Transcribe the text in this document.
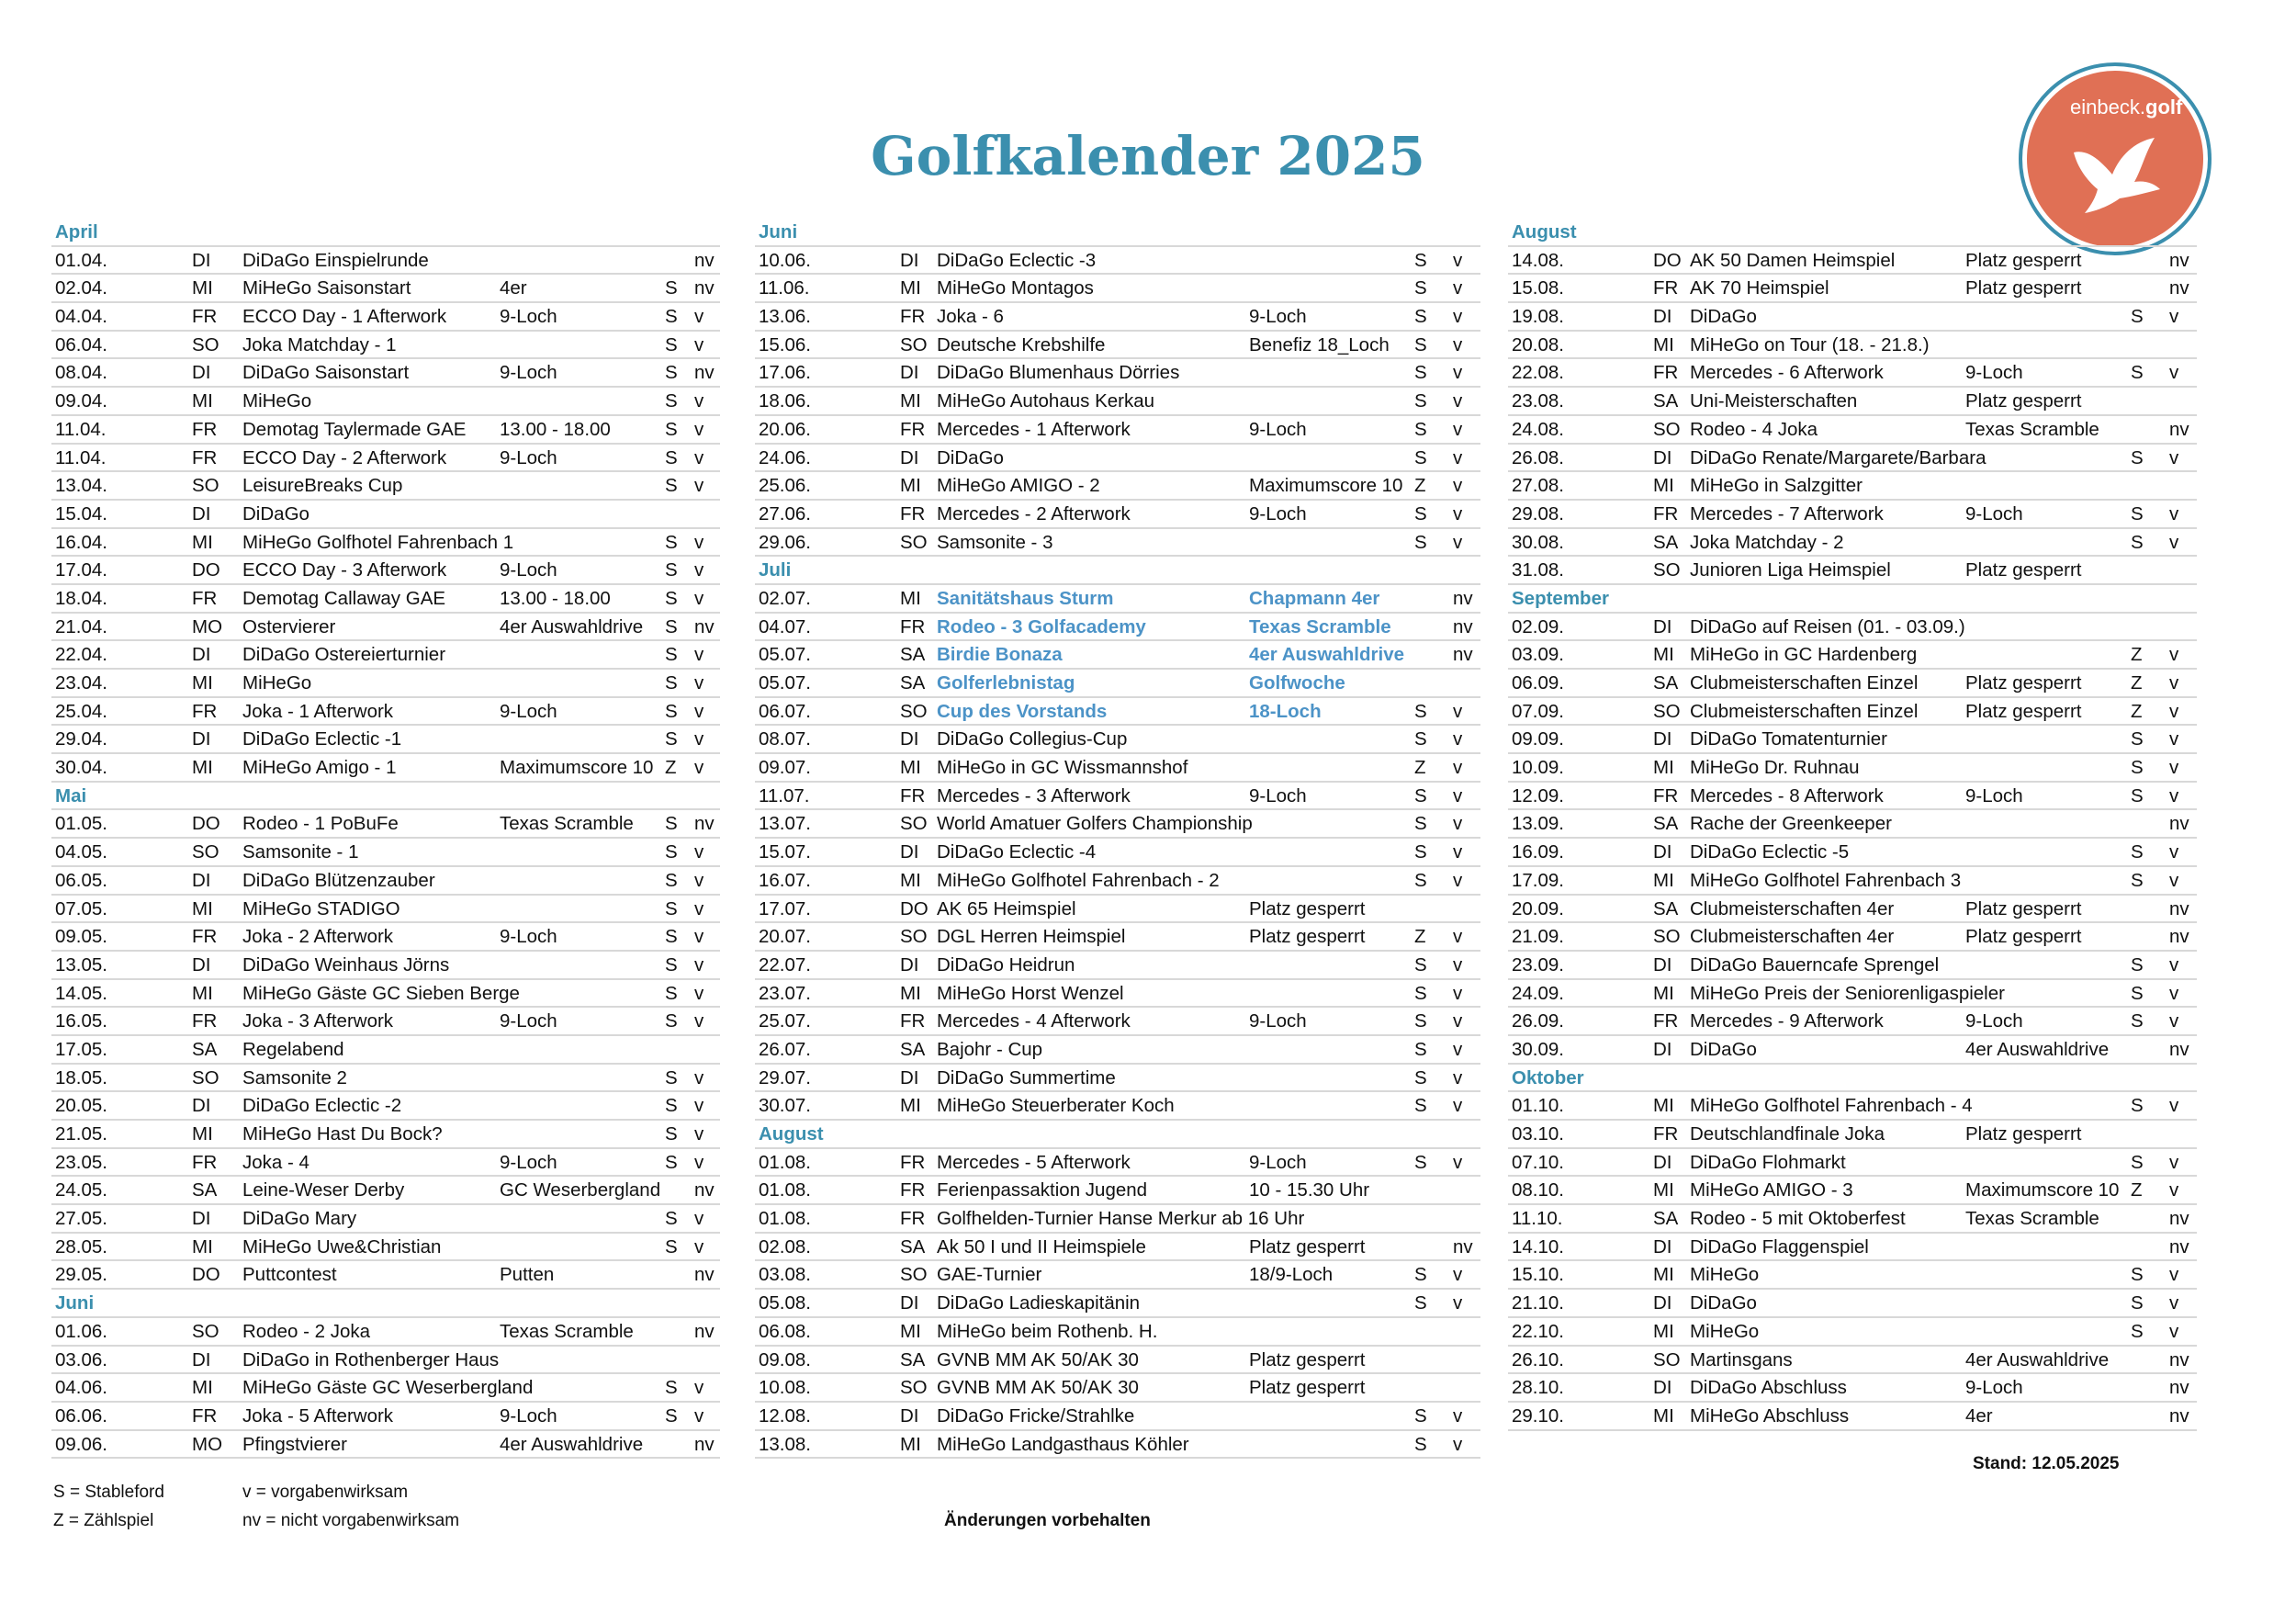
Golfkalender 2025
einbeck. golf
April
01.04.	DI DiDaGo Einspielrunde	nv
02.04.	MI MiHeGo Saisonstart	4er	S nv
04.04.	FR ECCO Day - 1 Afterwork	9-Loch	S v
06.04.	SO Joka Matchday - 1	S v
08.04.	DI DiDaGo Saisonstart	9-Loch	S nv
09.04.	MI MiHeGo	S v
11.04.	FR Demotag Taylermade GAE 13.00 - 18.00	S v
11.04.	FR ECCO Day - 2 Afterwork	9-Loch	S v
13.04.	SO LeisureBreaks Cup	S v
15.04.	DI DiDaGo
16.04.	MI MiHeGo Golfhotel Fahrenbach 1	S v
17.04.	DO ECCO Day - 3 Afterwork	9-Loch	S v
18.04.	FR Demotag Callaway GAE	13.00 - 18.00	S v
21.04.	MO Ostervierer	4er Auswahldrive S nv
22.04.	DI DiDaGo Ostereierturnier	S v
23.04.	MI MiHeGo	S v
25.04.	FR Joka - 1 Afterwork	9-Loch	S v
29.04.	DI DiDaGo Eclectic -1	S v
30.04.	MI MiHeGo Amigo - 1	Maximumscore 10 Z v
Mai
01.05.	DO Rodeo - 1 PoBuFe	Texas Scramble S nv
04.05.	SO Samsonite - 1	S v
06.05.	DI DiDaGo Blützenzauber	S v
07.05.	MI MiHeGo STADIGO	S v
09.05.	FR Joka - 2 Afterwork	9-Loch	S v
13.05.	DI DiDaGo Weinhaus Jörns	S v
14.05.	MI MiHeGo Gäste GC Sieben Berge	S v
16.05.	FR Joka - 3 Afterwork	9-Loch	S v
17.05.	SA Regelabend
18.05.	SO Samsonite 2	S v
20.05.	DI DiDaGo Eclectic -2	S v
21.05.	MI MiHeGo Hast Du Bock?	S v
23.05.	FR Joka - 4	9-Loch	S v
24.05.	SA Leine-Weser Derby	GC Weserbergland nv
27.05.	DI DiDaGo Mary	S v
28.05.	MI MiHeGo Uwe&Christian	S v
29.05.	DO Puttcontest	Putten	nv
Juni
01.06.	SO Rodeo - 2 Joka	Texas Scramble	nv
03.06.	DI DiDaGo in Rothenberger Haus
04.06.	MI MiHeGo Gäste GC Weserbergland	S v
06.06.	FR Joka - 5 Afterwork	9-Loch	S v
09.06.	MO Pfingstvierer	4er Auswahldrive	nv
Juni
10.06.	DI DiDaGo Eclectic -3	S v
11.06.	MI MiHeGo Montagos	S v
13.06.	FR Joka - 6	9-Loch	S v
15.06.	SO Deutsche Krebshilfe	Benefiz 18_Loch S v
17.06.	DI DiDaGo Blumenhaus Dörries	S v
18.06.	MI MiHeGo Autohaus Kerkau	S v
20.06.	FR Mercedes - 1 Afterwork	9-Loch	S v
24.06.	DI DiDaGo	S v
25.06.	MI MiHeGo AMIGO - 2	Maximumscore 10 Z v
27.06.	FR Mercedes - 2 Afterwork	9-Loch	S v
29.06.	SO Samsonite - 3	S v
Juli
02.07.	MI Sanitätshaus Sturm	Chapmann 4er	nv
04.07.	FR Rodeo - 3 Golfacademy	Texas Scramble	nv
05.07.	SA Birdie Bonaza	4er Auswahldrive	nv
05.07.	SA Golferlebnistag	Golfwoche
06.07.	SO Cup des Vorstands	18-Loch	S v
08.07.	DI DiDaGo Collegius-Cup	S v
09.07.	MI MiHeGo in GC Wissmannshof	Z v
11.07.	FR Mercedes - 3 Afterwork	9-Loch	S v
13.07.	SO World Amatuer Golfers Championship	S v
15.07.	DI DiDaGo Eclectic -4	S v
16.07.	MI MiHeGo Golfhotel Fahrenbach - 2	S v
17.07.	DO AK 65 Heimspiel	Platz gesperrt
20.07.	SO DGL Herren Heimspiel	Platz gesperrt	Z v
22.07.	DI DiDaGo Heidrun	S v
23.07.	MI MiHeGo Horst Wenzel	S v
25.07.	FR Mercedes - 4 Afterwork	9-Loch	S v
26.07.	SA Bajohr - Cup	S v
29.07.	DI DiDaGo Summertime	S v
30.07.	MI MiHeGo Steuerberater Koch	S v
August
01.08.	FR Mercedes - 5 Afterwork	9-Loch	S v
01.08.	FR Ferienpassaktion Jugend	10 - 15.30 Uhr
01.08.	FR Golfhelden-Turnier Hanse Merkur ab 16 Uhr
02.08.	SA Ak 50 I und II Heimspiele	Platz gesperrt	nv
03.08.	SO GAE-Turnier	18/9-Loch	S v
05.08.	DI DiDaGo Ladieskapitänin	S v
06.08.	MI MiHeGo beim Rothenb. H.
09.08.	SA GVNB MM AK 50/AK 30	Platz gesperrt
10.08.	SO GVNB MM AK 50/AK 30	Platz gesperrt
12.08.	DI DiDaGo Fricke/Strahlke	S v
13.08.	MI MiHeGo Landgasthaus Köhler	S v
August
14.08.	DO AK 50 Damen Heimspiel	Platz gesperrt	nv
15.08.	FR AK 70 Heimspiel	Platz gesperrt	nv
19.08.	DI DiDaGo	S v
20.08.	MI MiHeGo on Tour (18. - 21.8.)
22.08.	FR Mercedes - 6 Afterwork	9-Loch	S v
23.08.	SA Uni-Meisterschaften	Platz gesperrt
24.08.	SO Rodeo - 4 Joka	Texas Scramble	nv
26.08.	DI DiDaGo Renate/Margarete/Barbara	S v
27.08.	MI MiHeGo in Salzgitter
29.08.	FR Mercedes - 7 Afterwork	9-Loch	S v
30.08.	SA Joka Matchday - 2	S v
31.08.	SO Junioren Liga Heimspiel	Platz gesperrt
September
02.09.	DI DiDaGo auf Reisen (01. - 03.09.)
03.09.	MI MiHeGo in GC Hardenberg	Z v
06.09.	SA Clubmeisterschaften Einzel	Platz gesperrt	Z v
07.09.	SO Clubmeisterschaften Einzel	Platz gesperrt	Z v
09.09.	DI DiDaGo Tomatenturnier	S v
10.09.	MI MiHeGo Dr. Ruhnau	S v
12.09.	FR Mercedes - 8 Afterwork	9-Loch	S v
13.09.	SA Rache der Greenkeeper	nv
16.09.	DI DiDaGo Eclectic -5	S v
17.09.	MI MiHeGo Golfhotel Fahrenbach 3	S v
20.09.	SA Clubmeisterschaften 4er	Platz gesperrt	nv
21.09.	SO Clubmeisterschaften 4er	Platz gesperrt	nv
23.09.	DI DiDaGo Bauerncafe Sprengel	S v
24.09.	MI MiHeGo Preis der Seniorenligaspieler	S v
26.09.	FR Mercedes - 9 Afterwork	9-Loch	S v
30.09.	DI DiDaGo	4er Auswahldrive	nv
Oktober
01.10.	MI MiHeGo Golfhotel Fahrenbach - 4	S v
03.10.	FR Deutschlandfinale Joka	Platz gesperrt
07.10.	DI DiDaGo Flohmarkt	S v
08.10.	MI MiHeGo AMIGO - 3	Maximumscore 10 Z v
11.10.	SA Rodeo - 5 mit Oktoberfest	Texas Scramble	nv
14.10.	DI DiDaGo Flaggenspiel	nv
15.10.	MI MiHeGo	S v
21.10.	DI DiDaGo	S v
22.10.	MI MiHeGo	S v
26.10.	SO Martinsgans	4er Auswahldrive	nv
28.10.	DI DiDaGo Abschluss	9-Loch	nv
29.10.	MI MiHeGo Abschluss	4er	nv
S = Stableford
Z = Zählspiel
v = vorgabenwirksam
nv = nicht vorgabenwirksam	Änderungen vorbehalten
Stand: 12.05.2025
